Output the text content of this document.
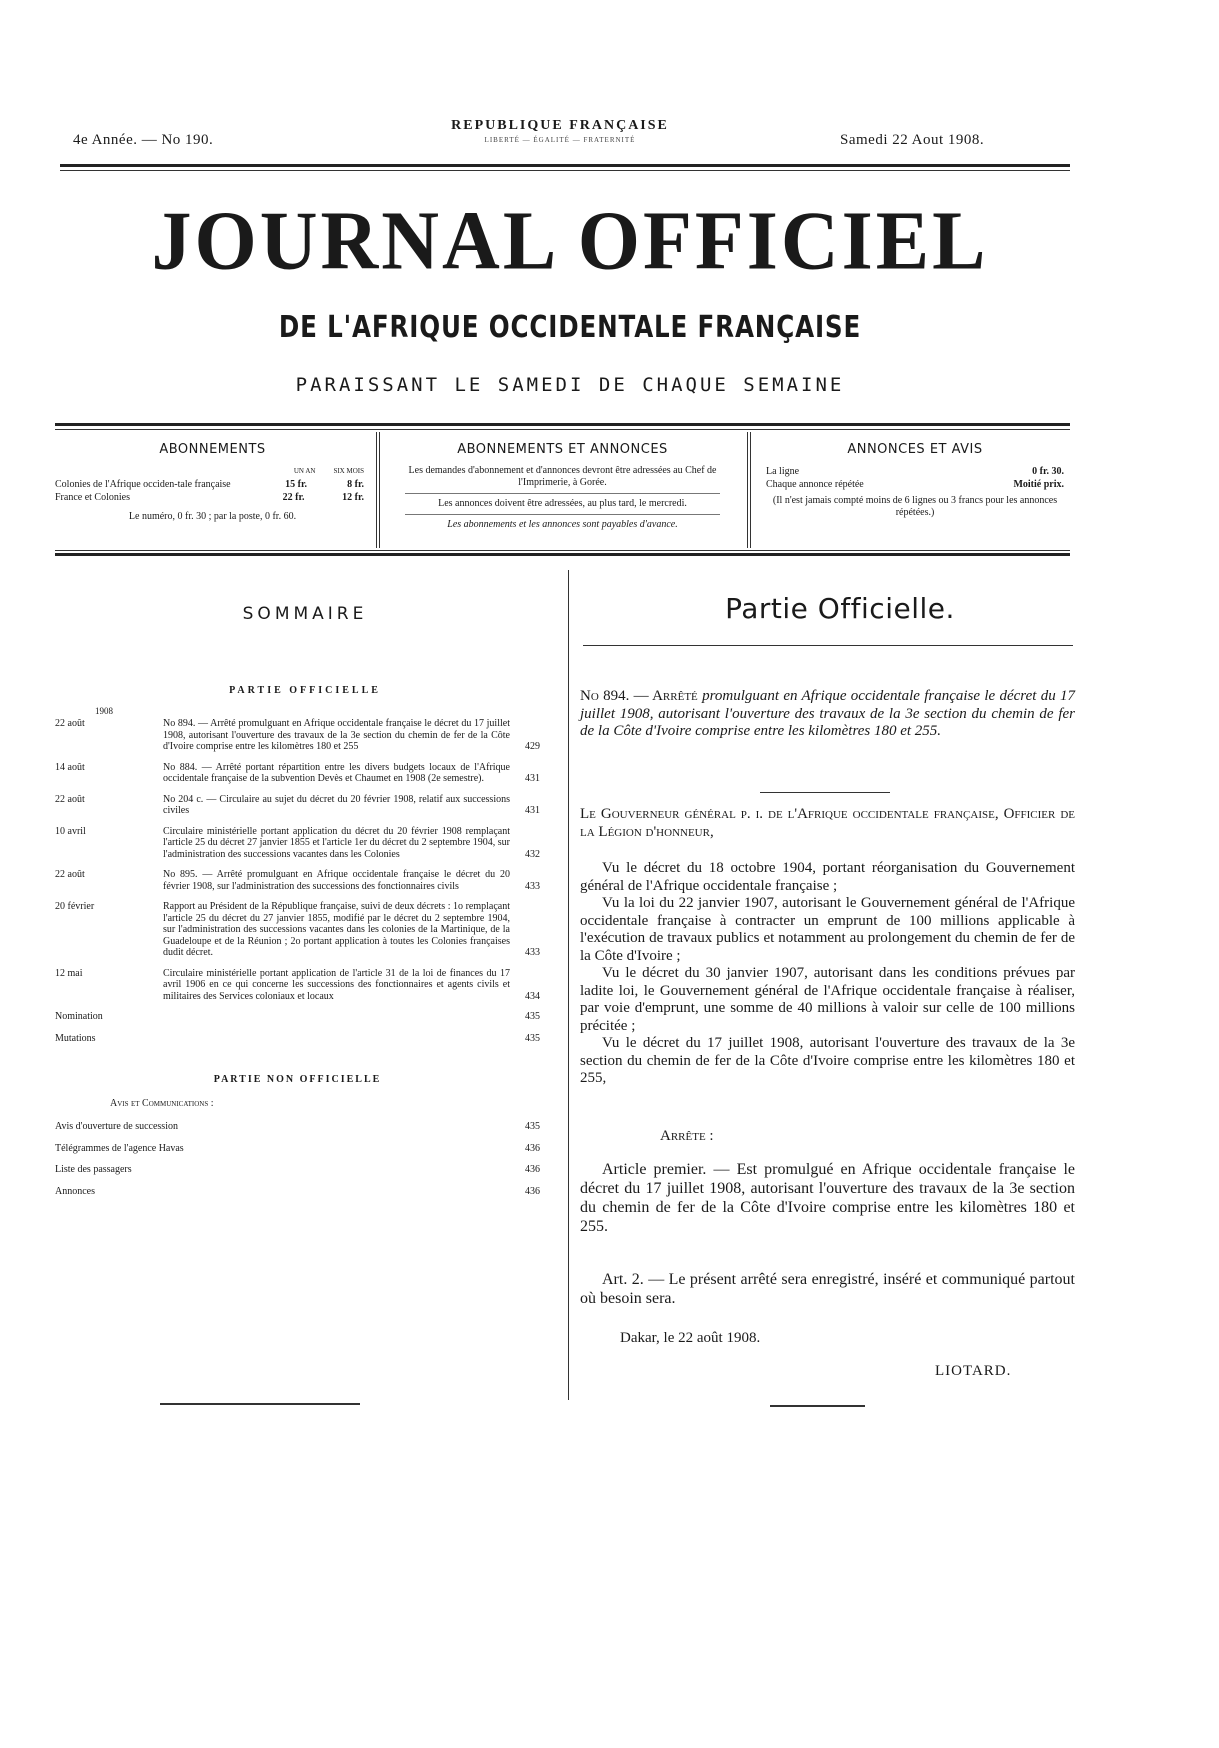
4e Année. — No 190.
REPUBLIQUE FRANÇAISE
LIBERTÉ — ÉGALITÉ — FRATERNITÉ	Samedi 22 Aout 1908.
JOURNAL OFFICIEL
DE L'AFRIQUE OCCIDENTALE FRANÇAISE
PARAISSANT LE SAMEDI DE CHAQUE SEMAINE
ABONNEMENTS
UN AN	SIX MOIS
Colonies de l'Afrique occiden-tale française	15 fr.	8 fr.
France et Colonies	22 fr.	12 fr.
Le numéro, 0 fr. 30 ; par la poste, 0 fr. 60.
ABONNEMENTS ET ANNONCES
Les demandes d'abonnement et d'annonces devront être adressées au Chef de l'Imprimerie, à Gorée.
Les annonces doivent être adressées, au plus tard, le mercredi.
Les abonnements et les annonces sont payables d'avance.
ANNONCES ET AVIS
La ligne	0 fr. 30.
Chaque annonce répétée	Moitié prix.
(Il n'est jamais compté moins de 6 lignes ou 3 francs pour les annonces répétées.)
SOMMAIRE
PARTIE OFFICIELLE
1908
22 août	No 894. — Arrêté promulguant en Afrique occidentale française le décret du 17 juillet 1908, autorisant l'ouverture des travaux de la 3e section du chemin de fer de la Côte d'Ivoire comprise entre les kilomètres 180 et 255	429
14 août	No 884. — Arrêté portant répartition entre les divers budgets locaux de l'Afrique occidentale française de la subvention Devès et Chaumet en 1908 (2e semestre).	431
22 août	No 204 c. — Circulaire au sujet du décret du 20 février 1908, relatif aux successions civiles	431
10 avril	Circulaire ministérielle portant application du décret du 20 février 1908 remplaçant l'article 25 du décret 27 janvier 1855 et l'article 1er du décret du 2 septembre 1904, sur l'administration des successions vacantes dans les Colonies	432
22 août	No 895. — Arrêté promulguant en Afrique occidentale française le décret du 20 février 1908, sur l'administration des successions des fonctionnaires civils	433
20 février	Rapport au Président de la République française, suivi de deux décrets : 1o remplaçant l'article 25 du décret du 27 janvier 1855, modifié par le décret du 2 septembre 1904, sur l'administration des successions vacantes dans les colonies de la Martinique, de la Guadeloupe et de la Réunion ; 2o portant application à toutes les Colonies françaises dudit décret.	433
12 mai	Circulaire ministérielle portant application de l'article 31 de la loi de finances du 17 avril 1906 en ce qui concerne les successions des fonctionnaires et agents civils et militaires des Services coloniaux et locaux	434
Nomination	435
Mutations	435
PARTIE NON OFFICIELLE
Avis et Communications :
Avis d'ouverture de succession	435
Télégrammes de l'agence Havas	436
Liste des passagers	436
Annonces	436
Partie Officielle.
No 894. — Arrêté promulguant en Afrique occidentale française le décret du 17 juillet 1908, autorisant l'ouverture des travaux de la 3e section du chemin de fer de la Côte d'Ivoire comprise entre les kilomètres 180 et 255.
Le Gouverneur général p. i. de l'Afrique occidentale française, Officier de la Légion d'honneur,

Vu le décret du 18 octobre 1904, portant réorganisation du Gouvernement général de l'Afrique occidentale française ;

Vu la loi du 22 janvier 1907, autorisant le Gouvernement général de l'Afrique occidentale française à contracter un emprunt de 100 millions applicable à l'exécution de travaux publics et notamment au prolongement du chemin de fer de la Côte d'Ivoire ;

Vu le décret du 30 janvier 1907, autorisant dans les conditions prévues par ladite loi, le Gouvernement général de l'Afrique occidentale française à réaliser, par voie d'emprunt, une somme de 40 millions à valoir sur celle de 100 millions précitée ;

Vu le décret du 17 juillet 1908, autorisant l'ouverture des travaux de la 3e section du chemin de fer de la Côte d'Ivoire comprise entre les kilomètres 180 et 255,

Arrête :

Article premier. — Est promulgué en Afrique occidentale française le décret du 17 juillet 1908, autorisant l'ouverture des travaux de la 3e section du chemin de fer de la Côte d'Ivoire comprise entre les kilomètres 180 et 255.

Art. 2. — Le présent arrêté sera enregistré, inséré et communiqué partout où besoin sera.

Dakar, le 22 août 1908.
LIOTARD.
